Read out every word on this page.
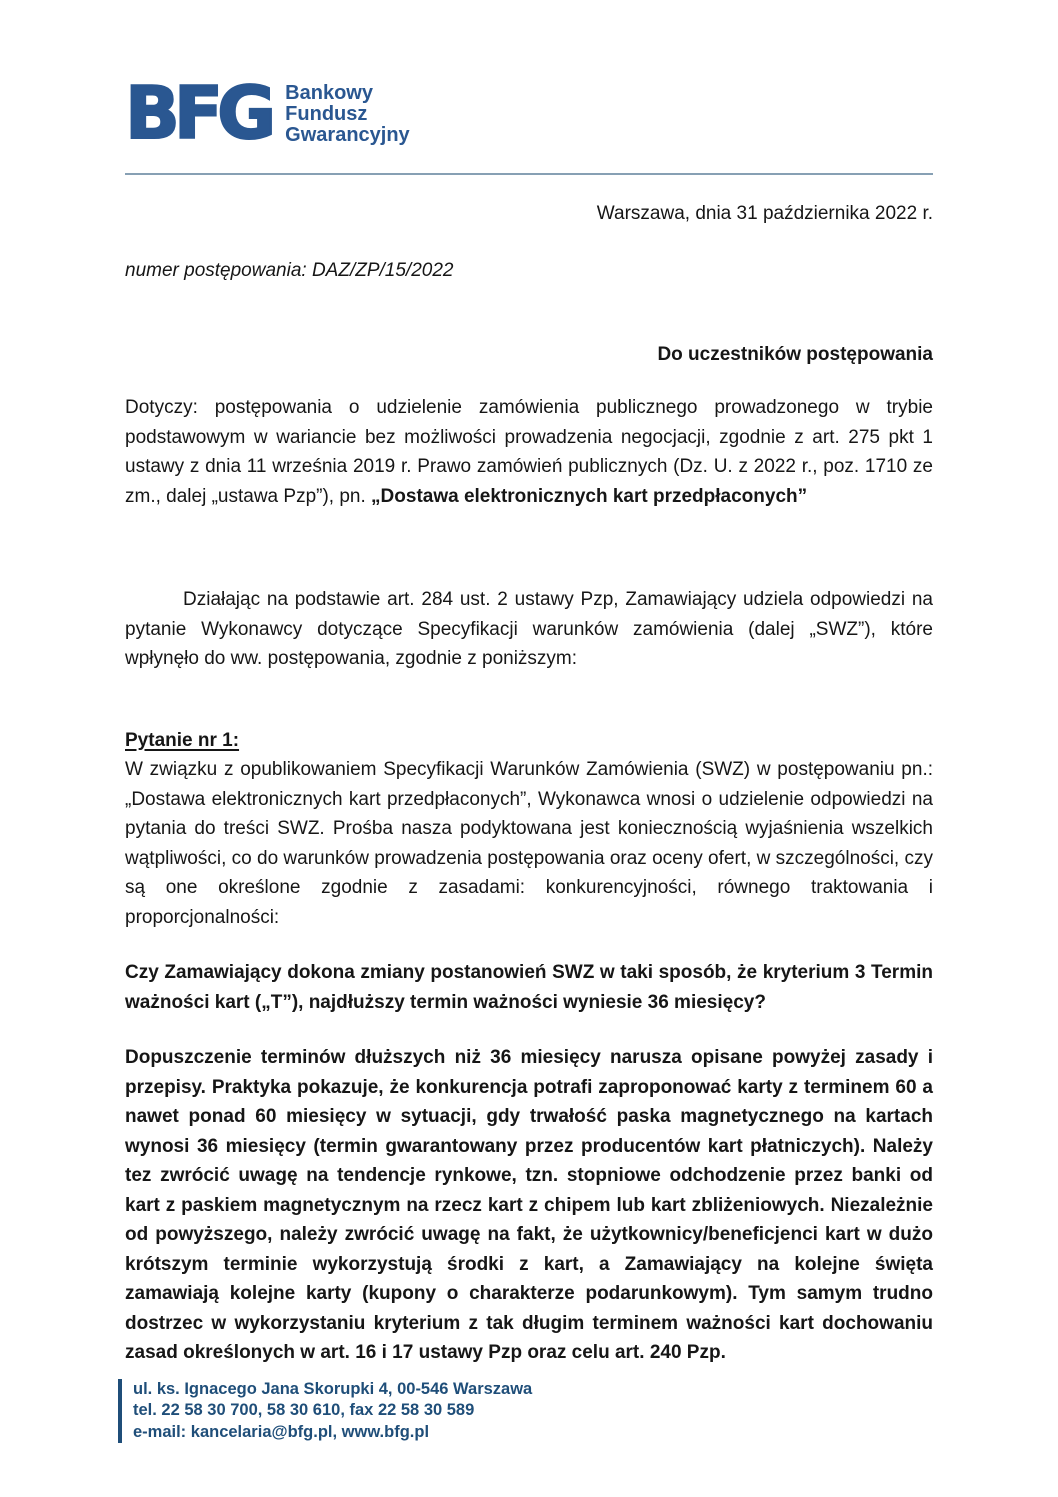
BFG Bankowy
Fundusz
Gwarancyjny
Warszawa, dnia 31 października 2022 r.
numer postępowania: DAZ/ZP/15/2022
Do uczestników postępowania

Dotyczy: postępowania o udzielenie zamówienia publicznego prowadzonego w trybie podstawowym w wariancie bez możliwości prowadzenia negocjacji, zgodnie z art. 275 pkt 1 ustawy z dnia 11 września 2019 r. Prawo zamówień publicznych (Dz. U. z 2022 r., poz. 1710 ze zm., dalej „ustawa Pzp”), pn. „Dostawa elektronicznych kart przedpłaconych”

Działając na podstawie art. 284 ust. 2 ustawy Pzp, Zamawiający udziela odpowiedzi na pytanie Wykonawcy dotyczące Specyfikacji warunków zamówienia (dalej „SWZ”), które wpłynęło do ww. postępowania, zgodnie z poniższym:

Pytanie nr 1:

W związku z opublikowaniem Specyfikacji Warunków Zamówienia (SWZ) w postępowaniu pn.: „Dostawa elektronicznych kart przedpłaconych”, Wykonawca wnosi o udzielenie odpowiedzi na pytania do treści SWZ. Prośba nasza podyktowana jest koniecznością wyjaśnienia wszelkich wątpliwości, co do warunków prowadzenia postępowania oraz oceny ofert, w szczególności, czy są one określone zgodnie z zasadami: konkurencyjności, równego traktowania i proporcjonalności:

Czy Zamawiający dokona zmiany postanowień SWZ w taki sposób, że kryterium 3 Termin ważności kart („T”), najdłuższy termin ważności wyniesie 36 miesięcy?

Dopuszczenie terminów dłuższych niż 36 miesięcy narusza opisane powyżej zasady i przepisy. Praktyka pokazuje, że konkurencja potrafi zaproponować karty z terminem 60 a nawet ponad 60 miesięcy w sytuacji, gdy trwałość paska magnetycznego na kartach wynosi 36 miesięcy (termin gwarantowany przez producentów kart płatniczych). Należy tez zwrócić uwagę na tendencje rynkowe, tzn. stopniowe odchodzenie przez banki od kart z paskiem magnetycznym na rzecz kart z chipem lub kart zbliżeniowych. Niezależnie od powyższego, należy zwrócić uwagę na fakt, że użytkownicy/beneficjenci kart w dużo krótszym terminie wykorzystują środki z kart, a Zamawiający na kolejne święta zamawiają kolejne karty (kupony o charakterze podarunkowym). Tym samym trudno dostrzec w wykorzystaniu kryterium z tak długim terminem ważności kart dochowaniu zasad określonych w art. 16 i 17 ustawy Pzp oraz celu art. 240 Pzp.

ul. ks. Ignacego Jana Skorupki 4, 00-546 Warszawa
tel. 22 58 30 700, 58 30 610, fax 22 58 30 589
e-mail: kancelaria@bfg.pl, www.bfg.pl
